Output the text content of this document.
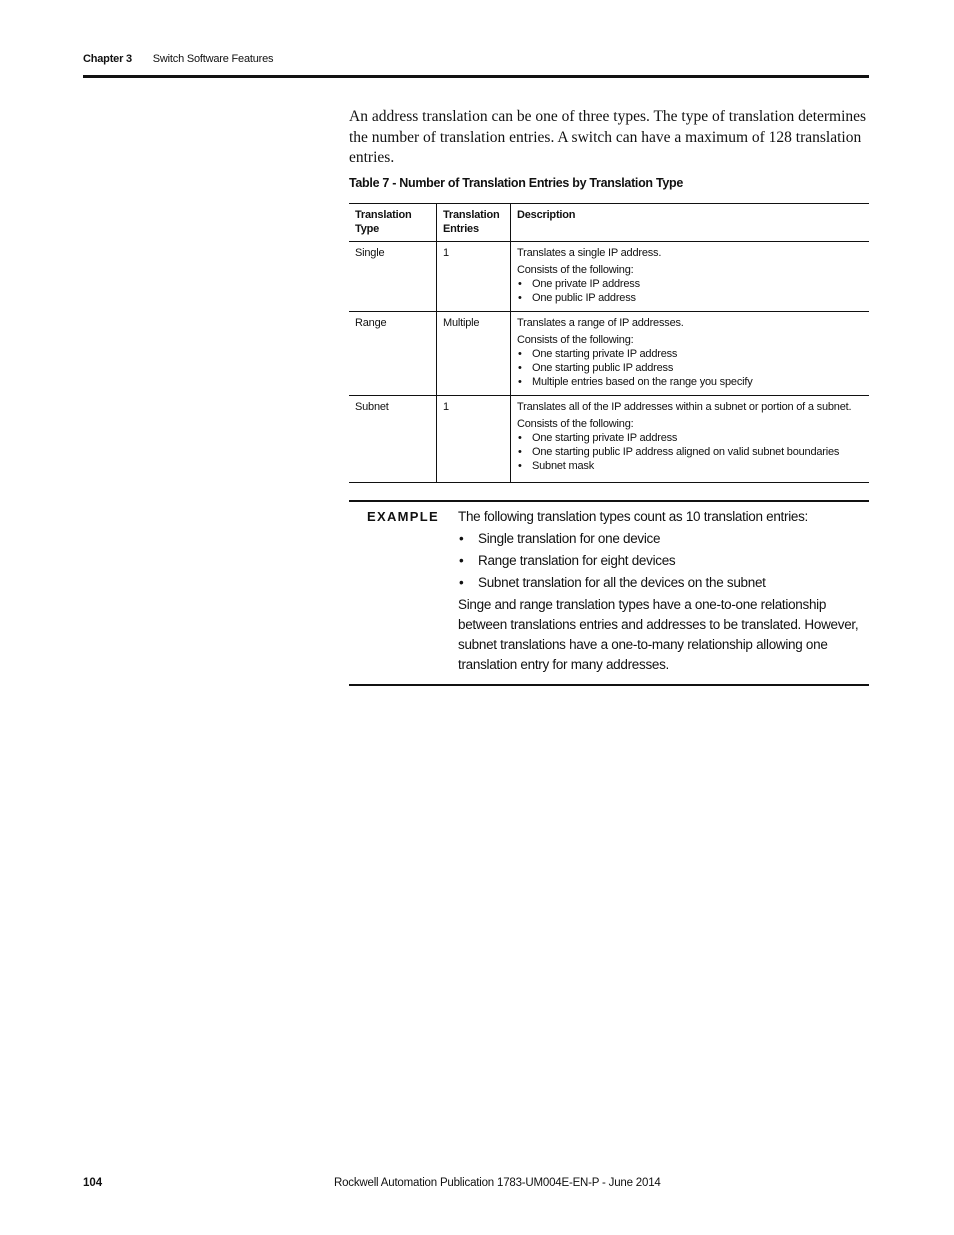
Chapter 3 Switch Software Features

An address translation can be one of three types. The type of translation determines the number of translation entries. A switch can have a maximum of 128 translation entries.

Table 7 - Number of Translation Entries by Translation Type
Translation Type	Translation Entries	Description
Single	1	Translates a single IP address.
Consists of the following:
• One private IP address
• One public IP address

Range	Multiple	Translates a range of IP addresses.
Consists of the following:
• One starting private IP address
• One starting public IP address
• Multiple entries based on the range you specify

Subnet	1	Translates all of the IP addresses within a subnet or portion of a subnet.
Consists of the following:
• One starting private IP address
• One starting public IP address aligned on valid subnet boundaries
• Subnet mask
EXAMPLE The following translation types count as 10 translation entries:

• Single translation for one device
• Range translation for eight devices
• Subnet translation for all the devices on the subnet

Singe and range translation types have a one-to-one relationship between translations entries and addresses to be translated. However, subnet translations have a one-to-many relationship allowing one translation entry for many addresses.

104	Rockwell Automation Publication 1783-UM004E-EN-P - June 2014
